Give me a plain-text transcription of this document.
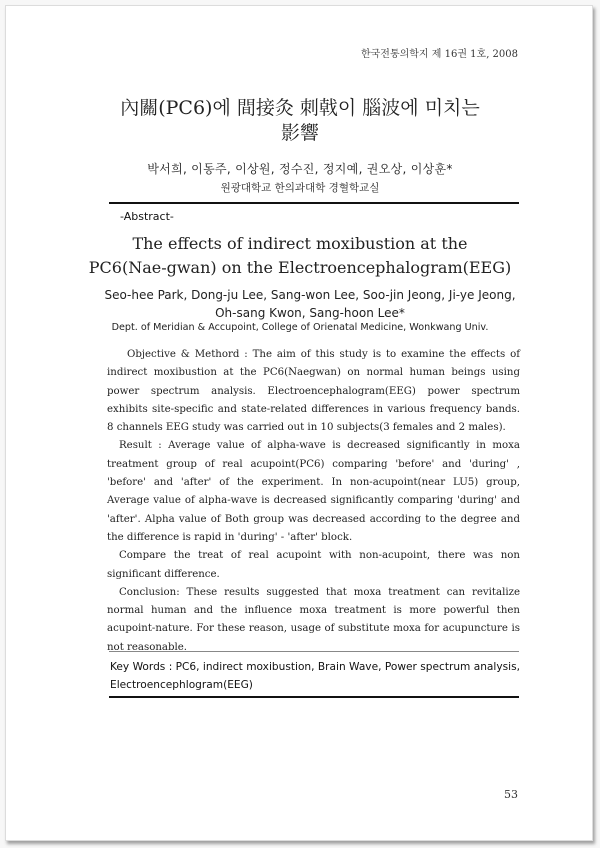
한국전통의학지 제 16권 1호, 2008
內關(PC6)에 間接灸 刺戟이 腦波에 미치는
影響
박서희, 이동주, 이상원, 정수진, 정지예, 권오상, 이상훈*
원광대학교 한의과대학 경혈학교실
-Abstract-
The effects of indirect moxibustion at the
PC6(Nae-gwan) on the Electroencephalogram(EEG)
Seo-hee Park, Dong-ju Lee, Sang-won Lee, Soo-jin Jeong, Ji-ye Jeong,
Oh-sang Kwon, Sang-hoon Lee*
Dept. of Meridian & Accupoint, College of Orienatal Medicine, Wonkwang Univ.

Objective & Methord : The aim of this study is to examine the effects of indirect moxibustion at the PC6(Naegwan) on normal human beings using power spectrum analysis. Electroencephalogram(EEG) power spectrum exhibits site-specific and state-related differences in various frequency bands. 8 channels EEG study was carried out in 10 subjects(3 females and 2 males).

Result : Average value of alpha-wave is decreased significantly in moxa treatment group of real acupoint(PC6) comparing 'before' and 'during' , 'before' and 'after' of the experiment. In non-acupoint(near LU5) group, Average value of alpha-wave is decreased significantly comparing 'during' and 'after'. Alpha value of Both group was decreased according to the degree and the difference is rapid in 'during' - 'after' block.

Compare the treat of real acupoint with non-acupoint, there was non significant difference.

Conclusion: These results suggested that moxa treatment can revitalize normal human and the influence moxa treatment is more powerful then acupoint-nature. For these reason, usage of substitute moxa for acupuncture is not reasonable.

Key Words : PC6, indirect moxibustion, Brain Wave, Power spectrum analysis, Electroencephlogram(EEG)
53
